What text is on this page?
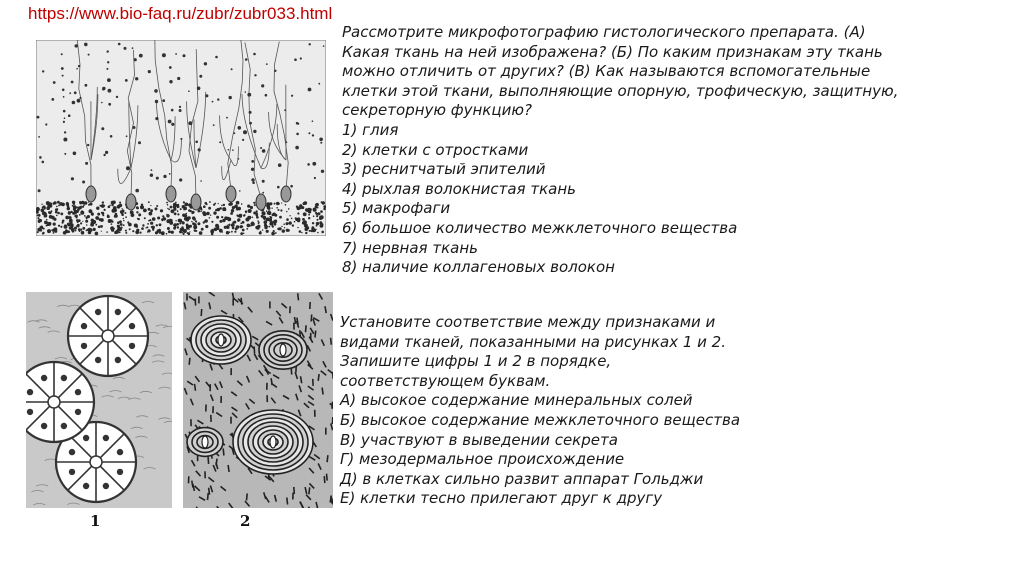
https://www.bio-faq.ru/zubr/zubr033.html
1	2
Рассмотрите микрофотографию гистологического препарата. (А)
Какая ткань на ней изображена? (Б) По каким признакам эту ткань
можно отличить от других? (В) Как называются вспомогательные
клетки этой ткани, выполняющие опорную, трофическую, защитную,
секреторную функцию?
1) глия
2) клетки с отростками
3) реснитчатый эпителий
4) рыхлая волокнистая ткань
5) макрофаги
6) большое количество межклеточного вещества
7) нервная ткань
8) наличие коллагеновых волокон
Установите соответствие между признаками и
видами тканей, показанными на рисунках 1 и 2.
Запишите цифры 1 и 2 в порядке,
соответствующем буквам.
А) высокое содержание минеральных солей
Б) высокое содержание межклеточного вещества
В) участвуют в выведении секрета
Г) мезодермальное происхождение
Д) в клетках сильно развит аппарат Гольджи
Е) клетки тесно прилегают друг к другу
